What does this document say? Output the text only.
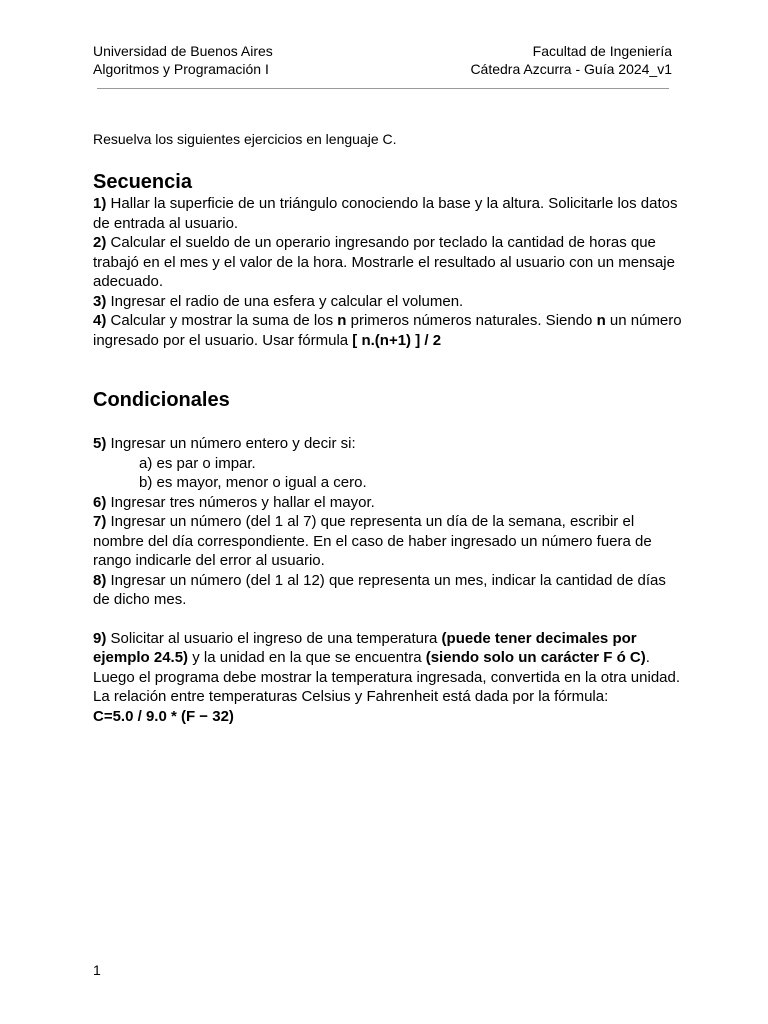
Universidad de Buenos Aires	Facultad de Ingeniería
Algoritmos y Programación I	Cátedra Azcurra - Guía 2024_v1

Resuelva los siguientes ejercicios en lenguaje C.

Secuencia

1) Hallar la superficie de un triángulo conociendo la base y la altura. Solicitarle los datos de entrada al usuario.

2) Calcular el sueldo de un operario ingresando por teclado la cantidad de horas que trabajó en el mes y el valor de la hora. Mostrarle el resultado al usuario con un mensaje adecuado.

3) Ingresar el radio de una esfera y calcular el volumen.

4) Calcular y mostrar la suma de los n primeros números naturales. Siendo n un número ingresado por el usuario. Usar fórmula [ n.(n+1) ] / 2

Condicionales
5) Ingresar un número entero y decir si:
a) es par o impar.
b) es mayor, menor o igual a cero.

6) Ingresar tres números y hallar el mayor.

7) Ingresar un número (del 1 al 7) que representa un día de la semana, escribir el nombre del día correspondiente. En el caso de haber ingresado un número fuera de rango indicarle del error al usuario.

8) Ingresar un número (del 1 al 12) que representa un mes, indicar la cantidad de días de dicho mes.

9) Solicitar al usuario el ingreso de una temperatura (puede tener decimales por ejemplo 24.5) y la unidad en la que se encuentra (siendo solo un carácter F ó C). Luego el programa debe mostrar la temperatura ingresada, convertida en la otra unidad.
La relación entre temperaturas Celsius y Fahrenheit está dada por la fórmula:
C=5.0 / 9.0 * (F − 32)
1
